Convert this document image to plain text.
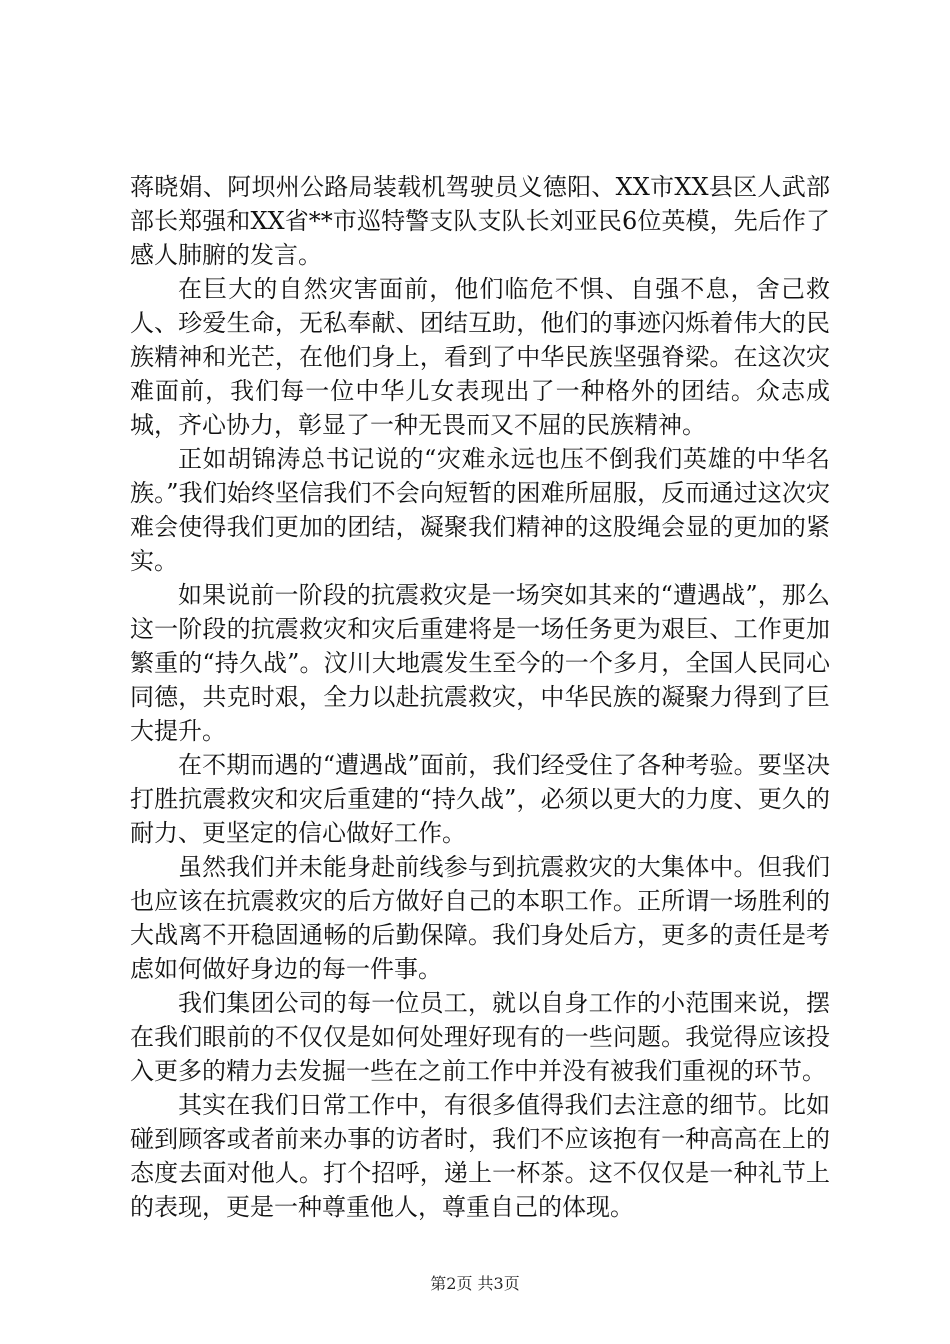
蒋晓娟、阿坝州公路局装载机驾驶员义德阳、XX市XX县区人武部部长郑强和XX省**市巡特警支队支队长刘亚民6位英模，先后作了感人肺腑的发言。

在巨大的自然灾害面前，他们临危不惧、自强不息，舍己救人、珍爱生命，无私奉献、团结互助，他们的事迹闪烁着伟大的民族精神和光芒，在他们身上，看到了中华民族坚强脊梁。在这次灾难面前，我们每一位中华儿女表现出了一种格外的团结。众志成城，齐心协力，彰显了一种无畏而又不屈的民族精神。

正如胡锦涛总书记说的“灾难永远也压不倒我们英雄的中华名族。”我们始终坚信我们不会向短暂的困难所屈服，反而通过这次灾难会使得我们更加的团结，凝聚我们精神的这股绳会显的更加的紧实。

如果说前一阶段的抗震救灾是一场突如其来的“遭遇战”，那么这一阶段的抗震救灾和灾后重建将是一场任务更为艰巨、工作更加繁重的“持久战”。汶川大地震发生至今的一个多月，全国人民同心同德，共克时艰，全力以赴抗震救灾，中华民族的凝聚力得到了巨大提升。

在不期而遇的“遭遇战”面前，我们经受住了各种考验。要坚决打胜抗震救灾和灾后重建的“持久战”，必须以更大的力度、更久的耐力、更坚定的信心做好工作。

虽然我们并未能身赴前线参与到抗震救灾的大集体中。但我们也应该在抗震救灾的后方做好自己的本职工作。正所谓一场胜利的大战离不开稳固通畅的后勤保障。我们身处后方，更多的责任是考虑如何做好身边的每一件事。

我们集团公司的每一位员工，就以自身工作的小范围来说，摆在我们眼前的不仅仅是如何处理好现有的一些问题。我觉得应该投入更多的精力去发掘一些在之前工作中并没有被我们重视的环节。

其实在我们日常工作中，有很多值得我们去注意的细节。比如碰到顾客或者前来办事的访者时，我们不应该抱有一种高高在上的态度去面对他人。打个招呼，递上一杯茶。这不仅仅是一种礼节上的表现，更是一种尊重他人，尊重自己的体现。

第2页 共3页
